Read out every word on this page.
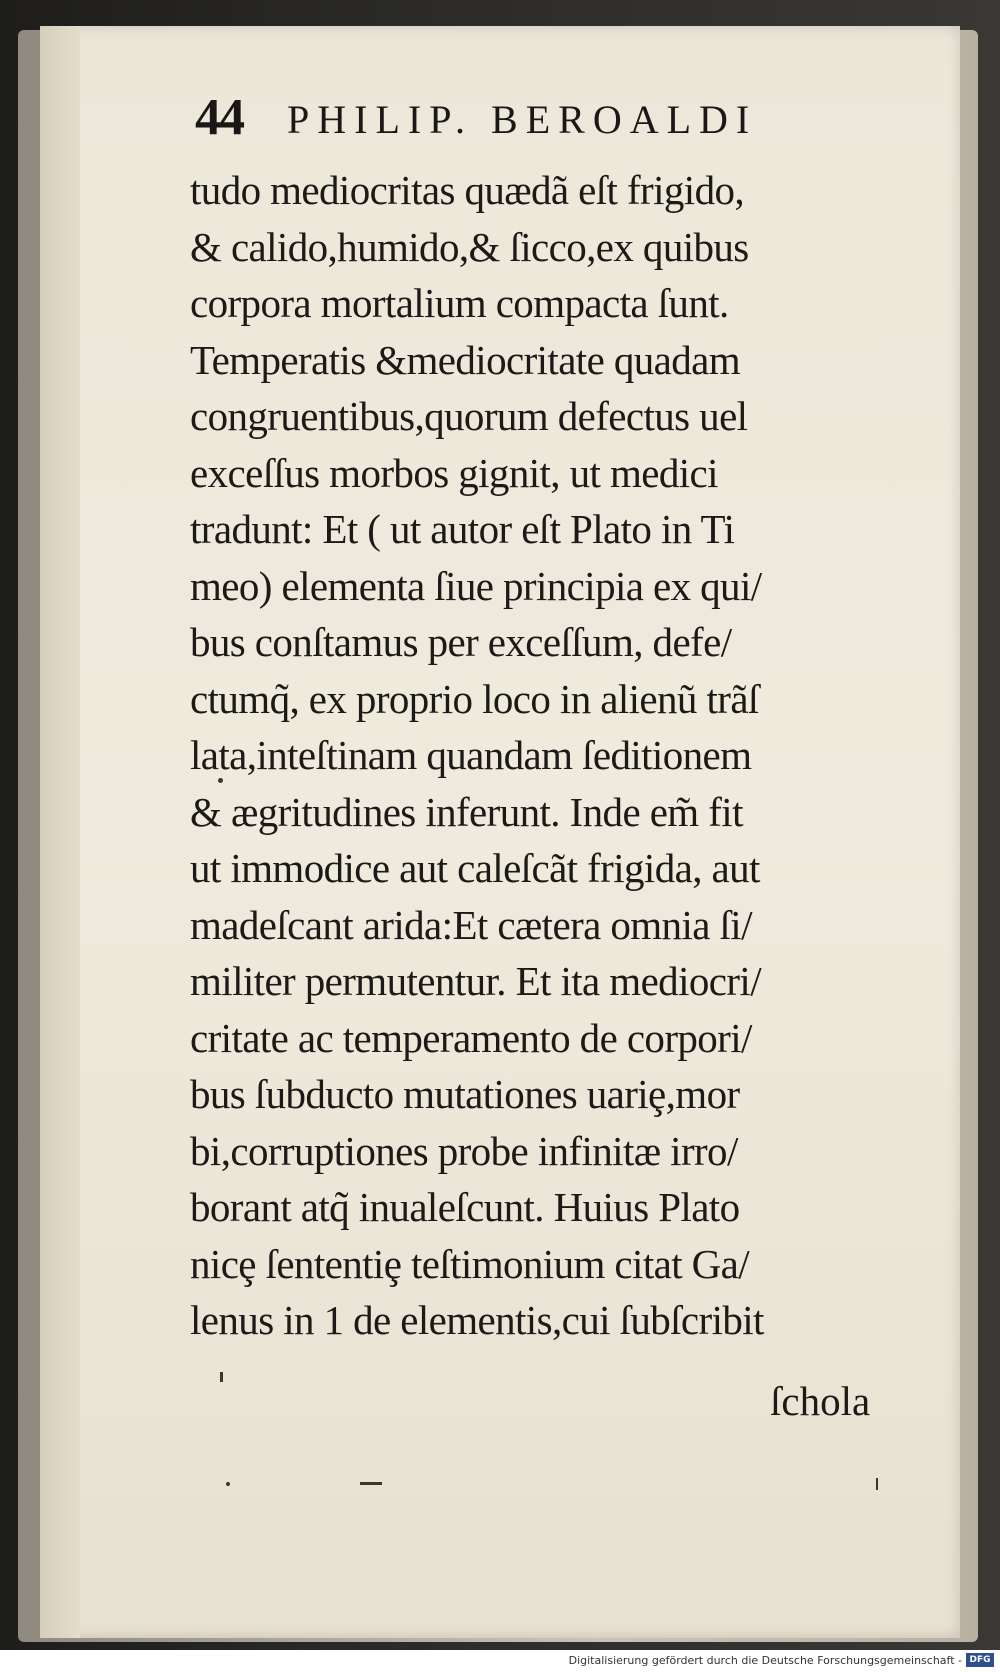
44 PHILIP. BEROALDI
tudo mediocritas quædã eſt frigido,
& calido,humido,& ſicco,ex quibus
corpora mortalium compacta ſunt.
Temperatis &mediocritate quadam
congruentibus,quorum defectus uel
exceſſus morbos gignit, ut medici
tradunt: Et ( ut autor eſt Plato in Ti
meo) elementa ſiue principia ex qui/
bus conſtamus per exceſſum, defe/
ctumq̃, ex proprio loco in alienũ trãſ
lata,inteſtinam quandam ſeditionem
& ægritudines inferunt. Inde em̃ fit
ut immodice aut caleſcãt frigida, aut
madeſcant arida:Et cætera omnia ſi/
militer permutentur. Et ita mediocri/
critate ac temperamento de corpori/
bus ſubducto mutationes uariȩ,mor
bi,corruptiones probe infinitæ irro/
borant atq̃ inualeſcunt. Huius Plato
nicȩ ſententiȩ teſtimonium citat Ga/
lenus in 1 de elementis,cui ſubſcribit
ſchola
Digitalisierung gefördert durch die Deutsche Forschungsgemeinschaft - DFG
